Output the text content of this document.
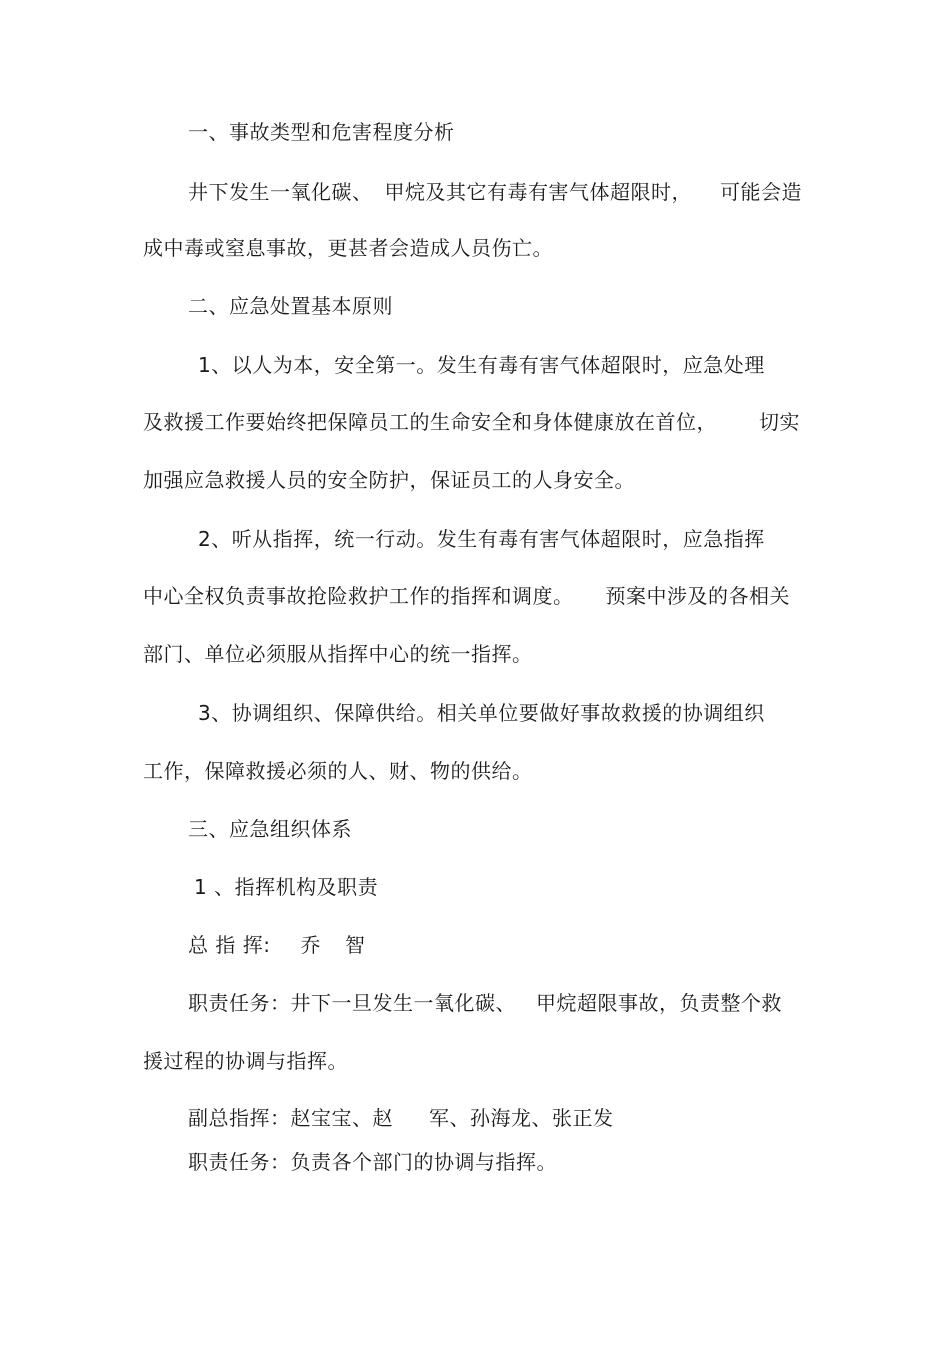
一、事故类型和危害程度分析
井下发生一氧化碳、 甲烷及其它有毒有害气体超限时， 可能会造
成中毒或窒息事故，更甚者会造成人员伤亡。
二、应急处置基本原则
1、以人为本，安全第一。发生有毒有害气体超限时，应急处理
及救援工作要始终把保障员工的生命安全和身体健康放在首位， 切实
加强应急救援人员的安全防护，保证员工的人身安全。
2、听从指挥，统一行动。发生有毒有害气体超限时，应急指挥
中心全权负责事故抢险救护工作的指挥和调度。 预案中涉及的各相关
部门、单位必须服从指挥中心的统一指挥。
3、协调组织、保障供给。相关单位要做好事故救援的协调组织
工作，保障救援必须的人、财、物的供给。
三、应急组织体系
1 、指挥机构及职责
总 指 挥: 乔 智
职责任务：井下一旦发生一氧化碳、 甲烷超限事故，负责整个救
援过程的协调与指挥。
副总指挥：赵宝宝、赵 军、孙海龙、张正发
职责任务：负责各个部门的协调与指挥。
